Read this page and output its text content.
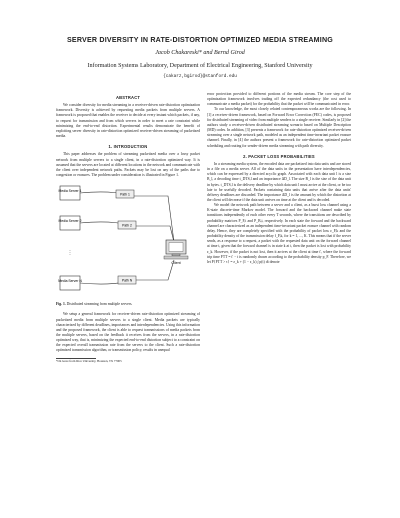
SERVER DIVERSITY IN RATE-DISTORTION OPTIMIZED MEDIA STREAMING
Jacob Chakareski* and Bernd Girod
Information Systems Laboratory, Department of Electrical Engineering, Stanford University
{cakarz,bgirod}@stanford.edu
ABSTRACT

We consider diversity for media streaming in a receiver-driven rate-distortion optimization framework. Diversity is achieved by requesting media packets from multiple servers. A framework is proposed that enables the receiver to decide at every instant which packets, if any, to request for transmission and from which servers in order to meet a rate constraint while minimizing the end-to-end distortion. Experimental results demonstrate the benefit of exploiting server diversity in rate-distortion optimized receiver-driven streaming of packetized media.

1. INTRODUCTION

This paper addresses the problem of streaming packetized media over a lossy packet network from multiple servers to a single client, in a rate-distortion optimized way. It is assumed that the servers are located at different locations in the network and communicate with the client over independent network paths. Packets may be lost on any of the paths due to congestion or erasures. The problem under consideration is illustrated in Figure 1.

Media Server 1
Media Server 2
Media Server N
⋮
Path 1
Path 2
Path N
Client
Fig. 1. Distributed streaming from multiple servers.

We setup a general framework for receiver-driven rate-distortion optimized streaming of packetized media from multiple servers to a single client. Media packets are typically characterized by different deadlines, importances and interdependencies. Using this information and the proposed framework, the client is able to request transmissions of media packets from the multiple servers, based on the feedback it receives from the servers, in a rate-distortion optimized way, that is, minimizing the expected end-to-end distortion subject to a constraint on the expected overall transmission rate from the servers to the client. Such a rate-distortion optimized transmission algorithm, or transmission policy, results in unequal

*On leave from Rice University, Houston, TX 77005

error protection provided to different portions of the media stream. The core step of the optimization framework involves trading off the expected redundancy (the cost used to communicate a media packet) for the probability that the packet will be communicated in error.

To our knowledge, the most closely related contemporaneous works are the following. In [1] a receiver-driven framework, based on Forward Error Correction (FEC) codes, is proposed for distributed streaming of video from multiple senders to a single receiver. Similarly in [2] the authors study a receiver-driven distributed streaming scenario based on Multiple Description (MD) codes. In addition, [3] presents a framework for rate-distortion optimized receiver-driven streaming over a single network path, modeled as an independent time-invariant packet erasure channel. Finally, in [4] the authors present a framework for rate-distortion optimized packet scheduling and routing for sender-driven media streaming with path diversity.

2. PACKET LOSS PROBABILITIES

In a streaming media system, the encoded data are packetized into data units and are stored in a file on a media server. All of the data units in the presentation have interdependencies, which can be expressed by a directed acyclic graph. Associated with each data unit l is a size B_l, a decoding time t_DTS,l and an importance ΔD_l. The size B_l is the size of the data unit in bytes. t_DTS,l is the delivery deadline by which data unit l must arrive at the client, or be too late to be usefully decoded. Packets containing data units that arrive after the data units' delivery deadlines are discarded. The importance ΔD_l is the amount by which the distortion at the client will decrease if the data unit arrives on time at the client and is decoded.

We model the network path between a server and a client, as a burst loss channel using a K-state discrete-time Markov model. The forward and the backward channel make state transitions independently of each other every T seconds, where the transitions are described by probability matrices P_F,i and P_B,i, respectively. In each state the forward and the backward channel are characterized as an independent time-invariant packet erasure channel with random delay. Hence, they are completely specified with the probability of packet loss ε_F,k and the probability density of the transmission delay f_F,k, for k = 1, ..., K. This means that if the server sends, as a response to a request, a packet with the requested data unit on the forward channel at time t, given that the forward channel is in state k at t, then the packet is lost with probability ε_k. However, if the packet is not lost, then it arrives at the client at time t', where the forward trip time FTT = t' − t is randomly drawn according to the probability density p_F. Therefore, we let P{FTT > τ} = ε_k + (1 − ε_k) ∫ p(t) dt denote
